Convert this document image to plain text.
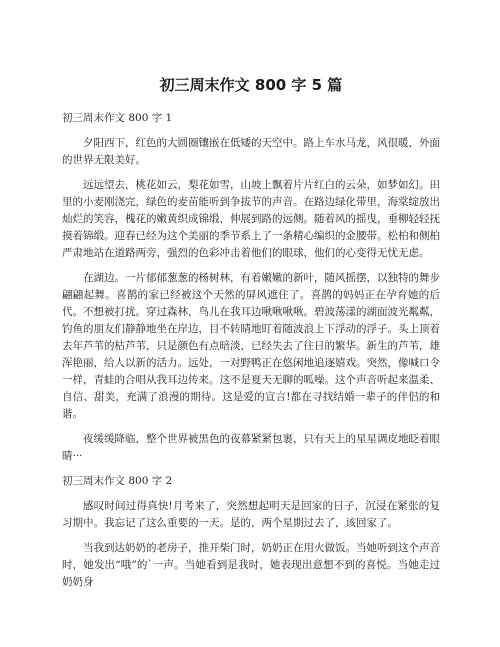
初三周末作文 800 字 5 篇
初三周末作文 800 字 1

夕阳西下，红色的大圆圈镶嵌在低矮的天空中。路上车水马龙，风很暖，外面的世界无限美好。

远远望去，桃花如云，梨花如雪，山坡上飘着片片红白的云朵，如梦如幻。田里的小麦刚浇完，绿色的麦苗能听到争拔节的声音。在路边绿化带里，海棠绽放出灿烂的笑容，槐花的嫩黄织成锦缎，伸展到路的远侧。随着风的摇曳，垂柳轻轻抚摸着锦缎。迎春已经为这个美丽的季节系上了一条精心编织的金腰带。松柏和侧柏严肃地站在道路两旁，强烈的色彩冲击着他们的眼球，他们的心变得无忧无虑。

在湖边。一片郁郁葱葱的杨树林，有着嫩嫩的新叶，随风摇摆，以独特的舞步翩翩起舞。喜鹊的家已经被这个天然的屏风遮住了。喜鹊的妈妈正在孕育她的后代。不想被打扰。穿过森林，鸟儿在我耳边啾啾啾啾。碧波荡漾的湖面波光粼粼，钓鱼的朋友们静静地坐在岸边，目不转睛地盯着随波浪上下浮动的浮子。头上顶着去年芦苇的枯芦苇，只是颜色有点暗淡，已经失去了往日的繁华。新生的芦苇，雄浑艳丽，给人以新的活力。远处，一对野鸭正在悠闲地追逐嬉戏。突然，像喊口令一样，青蛙的合唱从我耳边传来。这不是夏天无聊的呱噪。这个声音听起来温柔、自信、甜美，充满了浪漫的期待。这是爱的宣言!都在寻找结婚一辈子的伴侣的和谐。

夜缓缓降临，整个世界被黑色的夜幕紧紧包裹，只有天上的星星调皮地眨着眼睛···

初三周末作文 800 字 2

感叹时间过得真快!月考来了，突然想起明天是回家的日子，沉浸在紧张的复习期中。我忘记了这么重要的一天。是的，两个星期过去了，该回家了。

当我到达奶奶的老房子，推开柴门时，奶奶正在用火做饭。当她听到这个声音时，她发出“哦”的`一声。当她看到是我时，她表现出意想不到的喜悦。当她走过奶奶身
